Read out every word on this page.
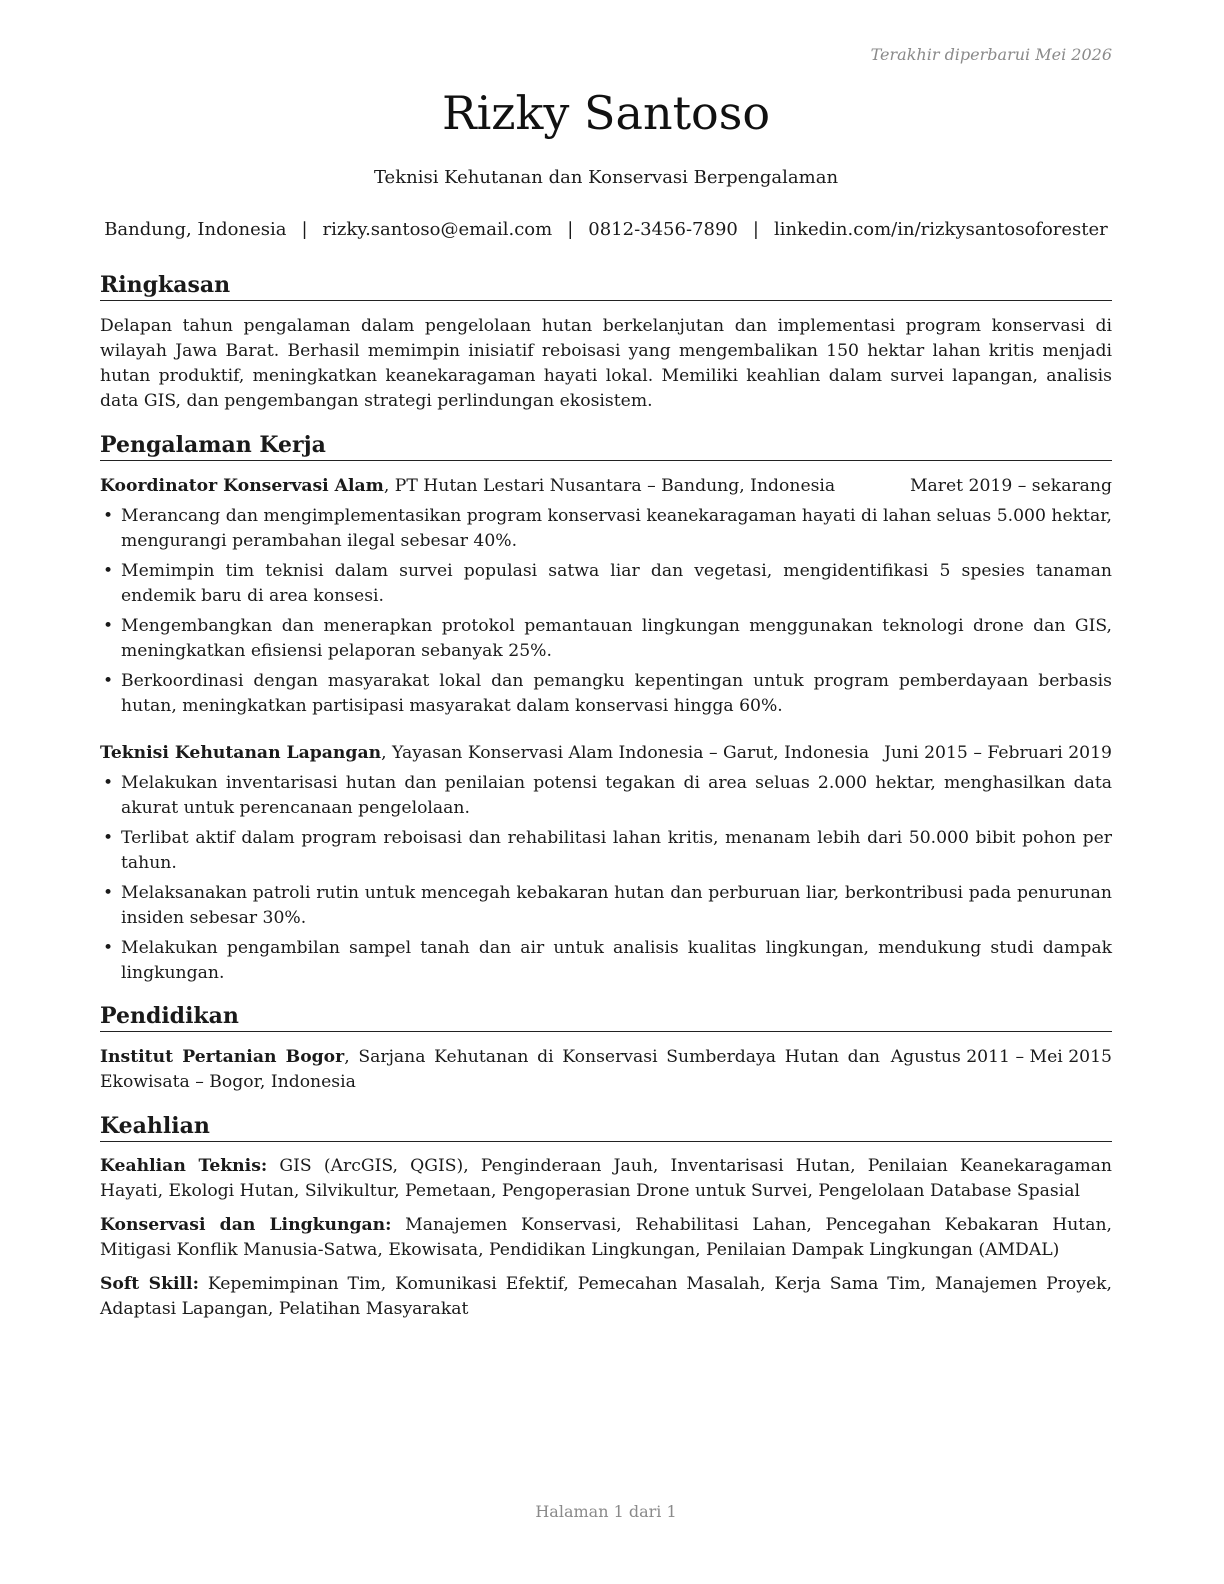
Terakhir diperbarui Mei 2026
Rizky Santoso
Teknisi Kehutanan dan Konservasi Berpengalaman
Bandung, Indonesia | rizky.santoso@email.com | 0812-3456-7890 | linkedin.com/in/rizkysantosoforester
Ringkasan

Delapan tahun pengalaman dalam pengelolaan hutan berkelanjutan dan implementasi program konservasi di wilayah Jawa Barat. Berhasil memimpin inisiatif reboisasi yang mengembalikan 150 hektar lahan kritis menjadi hutan produktif, meningkatkan keanekaragaman hayati lokal. Memiliki keahlian dalam survei lapangan, analisis data GIS, dan pengembangan strategi perlindungan ekosistem.

Pengalaman Kerja
Koordinator Konservasi Alam, PT Hutan Lestari Nusantara – Bandung, Indonesia	Maret 2019 – sekarang
• Merancang dan mengimplementasikan program konservasi keanekaragaman hayati di lahan seluas 5.000 hektar, mengurangi perambahan ilegal sebesar 40%.
• Memimpin tim teknisi dalam survei populasi satwa liar dan vegetasi, mengidentifikasi 5 spesies tanaman endemik baru di area konsesi.
• Mengembangkan dan menerapkan protokol pemantauan lingkungan menggunakan teknologi drone dan GIS, meningkatkan efisiensi pelaporan sebanyak 25%.
• Berkoordinasi dengan masyarakat lokal dan pemangku kepentingan untuk program pemberdayaan berbasis hutan, meningkatkan partisipasi masyarakat dalam konservasi hingga 60%.
Teknisi Kehutanan Lapangan, Yayasan Konservasi Alam Indonesia – Garut, Indonesia Juni 2015 – Februari 2019
• Melakukan inventarisasi hutan dan penilaian potensi tegakan di area seluas 2.000 hektar, menghasilkan data akurat untuk perencanaan pengelolaan.
• Terlibat aktif dalam program reboisasi dan rehabilitasi lahan kritis, menanam lebih dari 50.000 bibit pohon per tahun.
• Melaksanakan patroli rutin untuk mencegah kebakaran hutan dan perburuan liar, berkontribusi pada penurunan insiden sebesar 30%.
• Melakukan pengambilan sampel tanah dan air untuk analisis kualitas lingkungan, mendukung studi dampak lingkungan.
Pendidikan
Institut Pertanian Bogor, Sarjana Kehutanan di Konservasi Sumberdaya Hutan dan Ekowisata – Bogor, Indonesia
Agustus 2011 – Mei 2015
Keahlian

Keahlian Teknis: GIS (ArcGIS, QGIS), Penginderaan Jauh, Inventarisasi Hutan, Penilaian Keanekaragaman Hayati, Ekologi Hutan, Silvikultur, Pemetaan, Pengoperasian Drone untuk Survei, Pengelolaan Database Spasial

Konservasi dan Lingkungan: Manajemen Konservasi, Rehabilitasi Lahan, Pencegahan Kebakaran Hutan, Mitigasi Konflik Manusia-Satwa, Ekowisata, Pendidikan Lingkungan, Penilaian Dampak Lingkungan (AMDAL)

Soft Skill: Kepemimpinan Tim, Komunikasi Efektif, Pemecahan Masalah, Kerja Sama Tim, Manajemen Proyek, Adaptasi Lapangan, Pelatihan Masyarakat

Halaman 1 dari 1
